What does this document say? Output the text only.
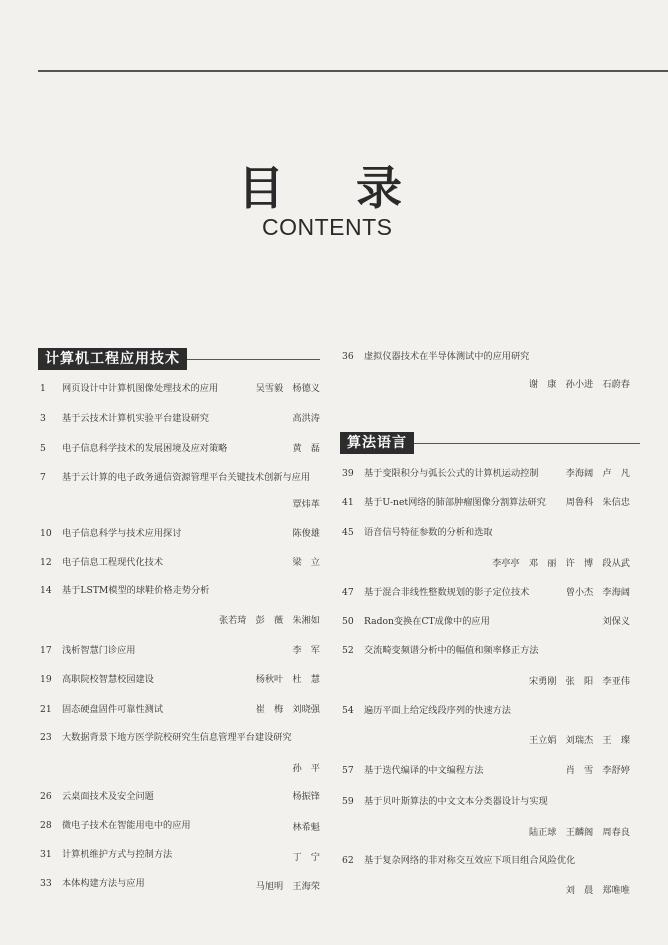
目录
CONTENTS
计算机工程应用技术
1 网页设计中计算机图像处理技术的应用	吴雪毅　杨德义
3 基于云技术计算机实验平台建设研究	高洪涛
5 电子信息科学技术的发展困境及应对策略	黄　磊
7 基于云计算的电子政务通信资源管理平台关键技术创新与应用
覃炜革
10 电子信息科学与技术应用探讨	陈俊雄
12 电子信息工程现代化技术	梁　立
14 基于LSTM模型的球鞋价格走势分析
张若琦　彭　薇　朱湘如
17 浅析智慧门诊应用	李　军
19 高职院校智慧校园建设	杨秋叶　杜　慧
21 固态硬盘固件可靠性测试	崔　梅　刘晓强
23 大数据背景下地方医学院校研究生信息管理平台建设研究
孙　平
26 云桌面技术及安全问题	杨振锋
28 微电子技术在智能用电中的应用	林希魁
31 计算机维护方式与控制方法	丁　宁
33 本体构建方法与应用	马旭明　王海荣
36 虚拟仪器技术在半导体测试中的应用研究
谢　康　孙小进　石蔚春
算法语言
39 基于变限积分与弧长公式的计算机运动控制	李海阔　卢　凡
41 基于U-net网络的肺部肿瘤图像分割算法研究 周鲁科　朱信忠
45 语音信号特征参数的分析和选取
李亭亭　邓　丽　许　博　段从武
47 基于混合非线性整数规划的影子定位技术	曾小杰　李海阔
50 Radon变换在CT成像中的应用	刘保义
52 交流畸变频谱分析中的幅值和频率修正方法
宋勇刚　张　阳　李亚伟
54 遍历平面上给定线段序列的快速方法
王立娟　刘瑞杰　王　璨
57 基于迭代编译的中文编程方法	肖　雪　李舒婷
59 基于贝叶斯算法的中文文本分类器设计与实现
陆正球　王麟阁　周春良
62 基于复杂网络的非对称交互效应下项目组合风险优化
刘　晨　郑唯唯
